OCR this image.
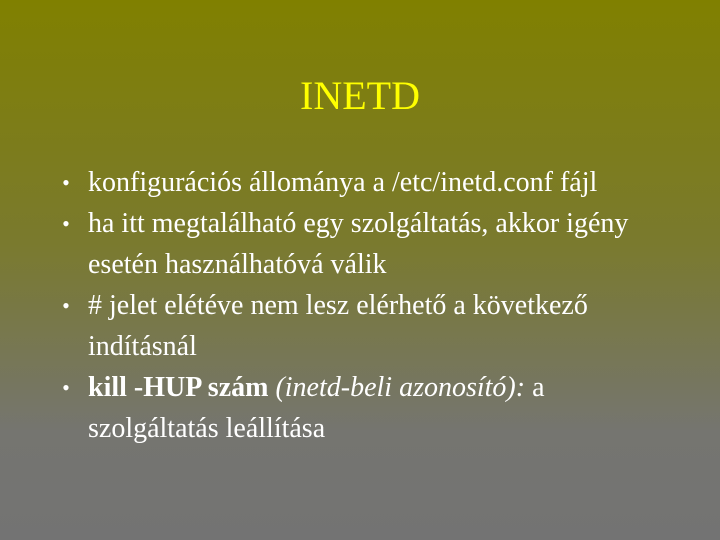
INETD
• konfigurációs állománya a /etc/inetd.conf fájl
• ha itt megtalálható egy szolgáltatás, akkor igény esetén használhatóvá válik
• # jelet elétéve nem lesz elérhető a következő indításnál
• kill -HUP szám (inetd-beli azonosító): a szolgáltatás leállítása
